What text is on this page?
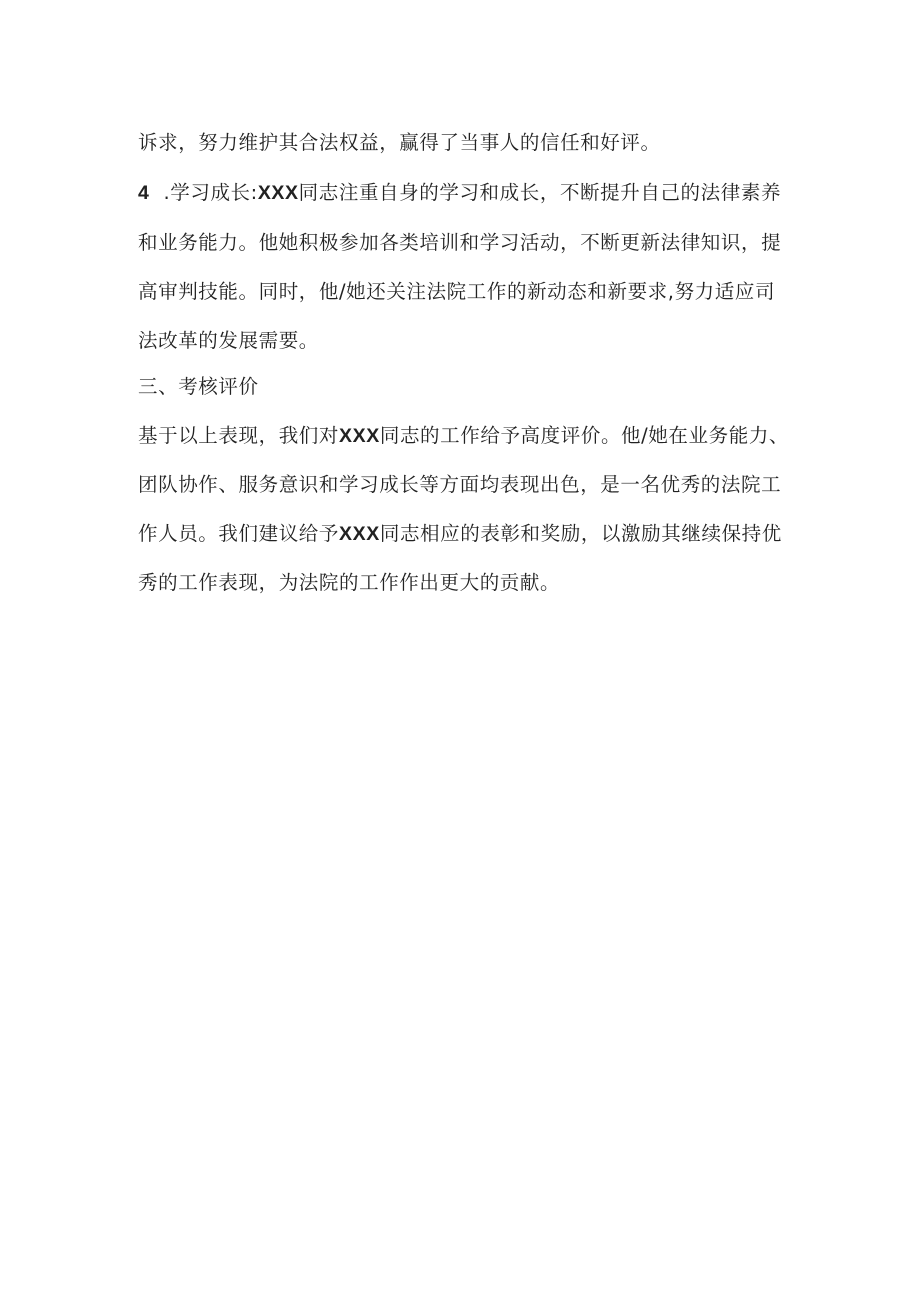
诉求，努力维护其合法权益，赢得了当事人的信任和好评。
4 .学习成长:XXX同志注重自身的学习和成长，不断提升自己的法律素养
和业务能力。他她积极参加各类培训和学习活动，不断更新法律知识，提
高审判技能。同时，他/她还关注法院工作的新动态和新要求,努力适应司
法改革的发展需要。
三、考核评价
基于以上表现，我们对XXX同志的工作给予高度评价。他/她在业务能力、
团队协作、服务意识和学习成长等方面均表现出色，是一名优秀的法院工
作人员。我们建议给予XXX同志相应的表彰和奖励，以激励其继续保持优
秀的工作表现，为法院的工作作出更大的贡献。
